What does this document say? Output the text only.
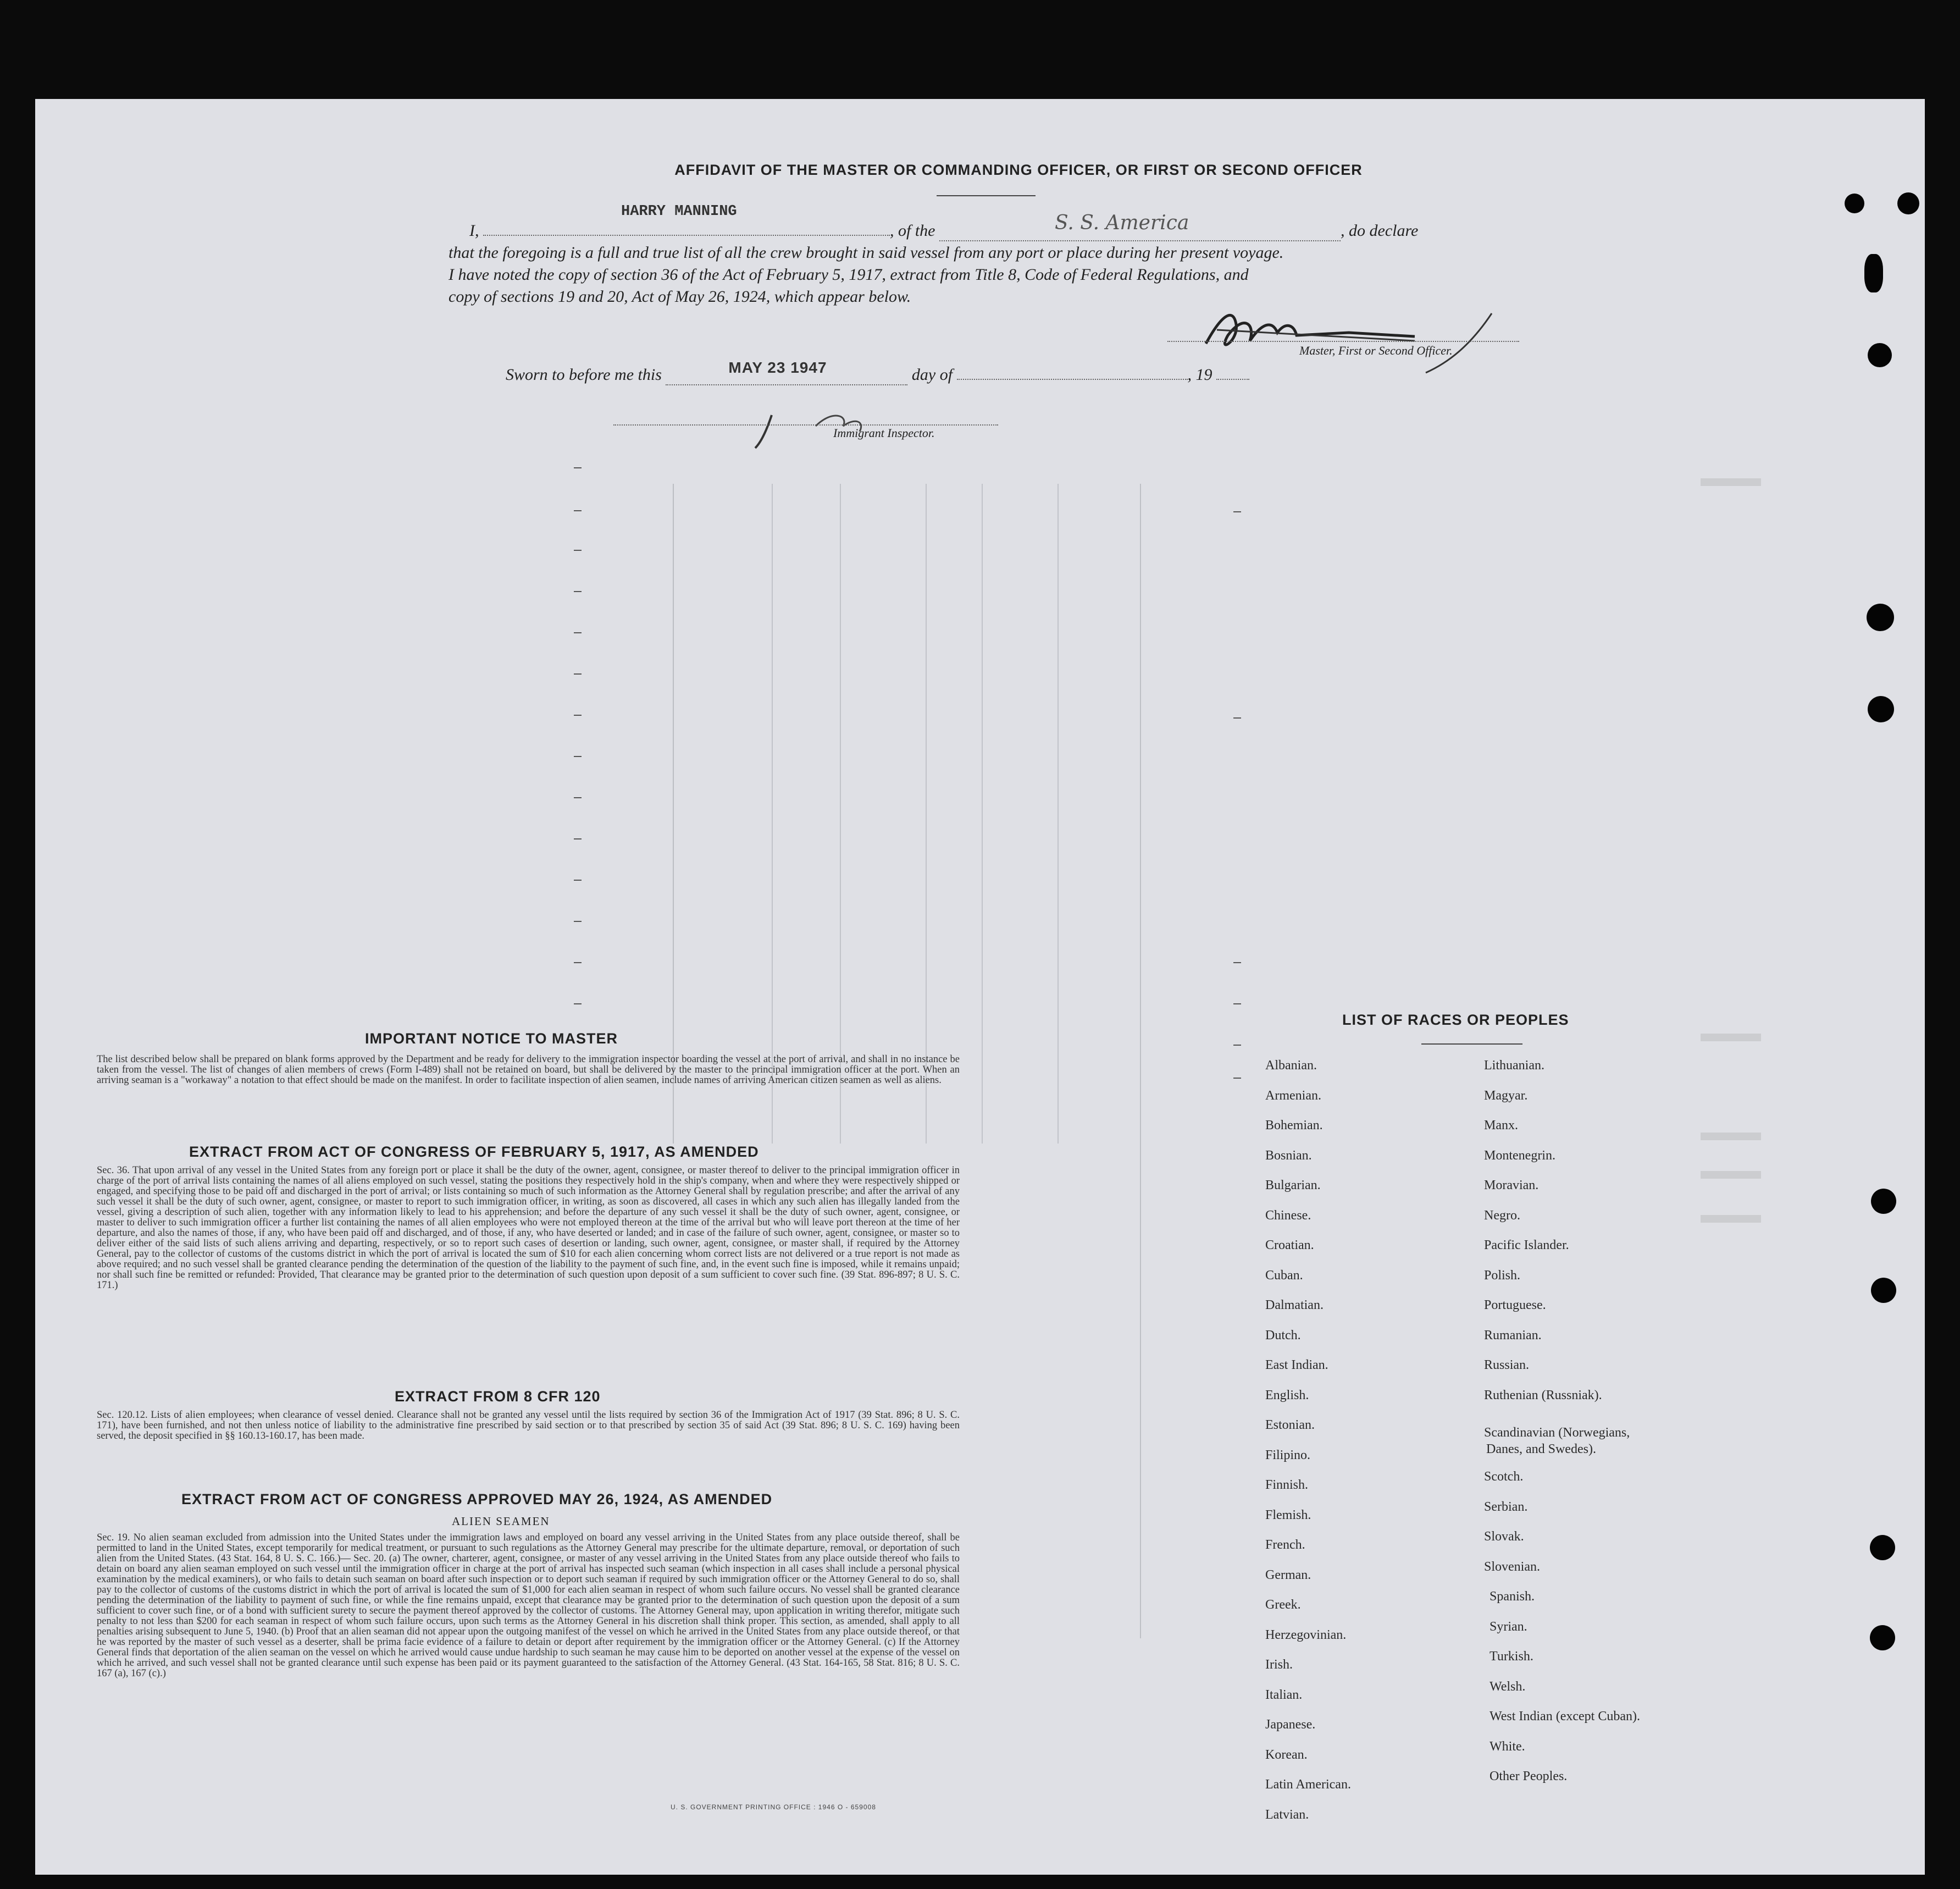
AFFIDAVIT OF THE MASTER OR COMMANDING OFFICER, OR FIRST OR SECOND OFFICER
HARRY MANNING
I,	, of the	S. S. America	, do declare
that the foregoing is a full and true list of all the crew brought in said vessel from any port or place during her present voyage.
I have noted the copy of section 36 of the Act of February 5, 1917, extract from Title 8, Code of Federal Regulations, and
copy of sections 19 and 20, Act of May 26, 1924, which appear below.
Master, First or Second Officer.
Sworn to before me this	MAY 23 1947	day of	, 19
Immigrant Inspector.
IMPORTANT NOTICE TO MASTER
The list described below shall be prepared on blank forms approved by the Department and be ready for delivery to the immigration inspector boarding the vessel at the port of arrival, and shall in no instance be taken from the vessel. The list of changes of alien members of crews (Form I-489) shall not be retained on board, but shall be delivered by the master to the principal immigration officer at the port. When an arriving seaman is a "workaway" a notation to that effect should be made on the manifest. In order to facilitate inspection of alien seamen, include names of arriving American citizen seamen as well as aliens.
EXTRACT FROM ACT OF CONGRESS OF FEBRUARY 5, 1917, AS AMENDED
Sec. 36. That upon arrival of any vessel in the United States from any foreign port or place it shall be the duty of the owner, agent, consignee, or master thereof to deliver to the principal immigration officer in charge of the port of arrival lists containing the names of all aliens employed on such vessel, stating the positions they respectively hold in the ship's company, when and where they were respectively shipped or engaged, and specifying those to be paid off and discharged in the port of arrival; or lists containing so much of such information as the Attorney General shall by regulation prescribe; and after the arrival of any such vessel it shall be the duty of such owner, agent, consignee, or master to report to such immigration officer, in writing, as soon as discovered, all cases in which any such alien has illegally landed from the vessel, giving a description of such alien, together with any information likely to lead to his apprehension; and before the departure of any such vessel it shall be the duty of such owner, agent, consignee, or master to deliver to such immigration officer a further list containing the names of all alien employees who were not employed thereon at the time of the arrival but who will leave port thereon at the time of her departure, and also the names of those, if any, who have been paid off and discharged, and of those, if any, who have deserted or landed; and in case of the failure of such owner, agent, consignee, or master so to deliver either of the said lists of such aliens arriving and departing, respectively, or so to report such cases of desertion or landing, such owner, agent, consignee, or master shall, if required by the Attorney General, pay to the collector of customs of the customs district in which the port of arrival is located the sum of $10 for each alien concerning whom correct lists are not delivered or a true report is not made as above required; and no such vessel shall be granted clearance pending the determination of the question of the liability to the payment of such fine, and, in the event such fine is imposed, while it remains unpaid; nor shall such fine be remitted or refunded: Provided, That clearance may be granted prior to the determination of such question upon deposit of a sum sufficient to cover such fine. (39 Stat. 896-897; 8 U. S. C. 171.)
EXTRACT FROM 8 CFR 120
Sec. 120.12. Lists of alien employees; when clearance of vessel denied. Clearance shall not be granted any vessel until the lists required by section 36 of the Immigration Act of 1917 (39 Stat. 896; 8 U. S. C. 171), have been furnished, and not then unless notice of liability to the administrative fine prescribed by said section or to that prescribed by section 35 of said Act (39 Stat. 896; 8 U. S. C. 169) having been served, the deposit specified in §§ 160.13-160.17, has been made.
EXTRACT FROM ACT OF CONGRESS APPROVED MAY 26, 1924, AS AMENDED
ALIEN SEAMEN
Sec. 19. No alien seaman excluded from admission into the United States under the immigration laws and employed on board any vessel arriving in the United States from any place outside thereof, shall be permitted to land in the United States, except temporarily for medical treatment, or pursuant to such regulations as the Attorney General may prescribe for the ultimate departure, removal, or deportation of such alien from the United States. (43 Stat. 164, 8 U. S. C. 166.)— Sec. 20. (a) The owner, charterer, agent, consignee, or master of any vessel arriving in the United States from any place outside thereof who fails to detain on board any alien seaman employed on such vessel until the immigration officer in charge at the port of arrival has inspected such seaman (which inspection in all cases shall include a personal physical examination by the medical examiners), or who fails to detain such seaman on board after such inspection or to deport such seaman if required by such immigration officer or the Attorney General to do so, shall pay to the collector of customs of the customs district in which the port of arrival is located the sum of $1,000 for each alien seaman in respect of whom such failure occurs. No vessel shall be granted clearance pending the determination of the liability to payment of such fine, or while the fine remains unpaid, except that clearance may be granted prior to the determination of such question upon the deposit of a sum sufficient to cover such fine, or of a bond with sufficient surety to secure the payment thereof approved by the collector of customs. The Attorney General may, upon application in writing therefor, mitigate such penalty to not less than $200 for each seaman in respect of whom such failure occurs, upon such terms as the Attorney General in his discretion shall think proper. This section, as amended, shall apply to all penalties arising subsequent to June 5, 1940. (b) Proof that an alien seaman did not appear upon the outgoing manifest of the vessel on which he arrived in the United States from any place outside thereof, or that he was reported by the master of such vessel as a deserter, shall be prima facie evidence of a failure to detain or deport after requirement by the immigration officer or the Attorney General. (c) If the Attorney General finds that deportation of the alien seaman on the vessel on which he arrived would cause undue hardship to such seaman he may cause him to be deported on another vessel at the expense of the vessel on which he arrived, and such vessel shall not be granted clearance until such expense has been paid or its payment guaranteed to the satisfaction of the Attorney General. (43 Stat. 164-165, 58 Stat. 816; 8 U. S. C. 167 (a), 167 (c).)
U. S. GOVERNMENT PRINTING OFFICE : 1946 O - 659008
LIST OF RACES OR PEOPLES
Albanian.
Armenian.
Bohemian.
Bosnian.
Bulgarian.
Chinese.
Croatian.
Cuban.
Dalmatian.
Dutch.
East Indian.
English.
Estonian.
Filipino.
Finnish.
Flemish.
French.
German.
Greek.
Herzegovinian.
Irish.
Italian.
Japanese.
Korean.
Latin American.
Latvian.
Lithuanian.
Magyar.
Manx.
Montenegrin.
Moravian.
Negro.
Pacific Islander.
Polish.
Portuguese.
Rumanian.
Russian.
Ruthenian (Russniak).
Scandinavian (Norwegians,
Danes, and Swedes).
Scotch.
Serbian.
Slovak.
Slovenian.
Spanish.
Syrian.
Turkish.
Welsh.
West Indian (except Cuban).
White.
Other Peoples.
